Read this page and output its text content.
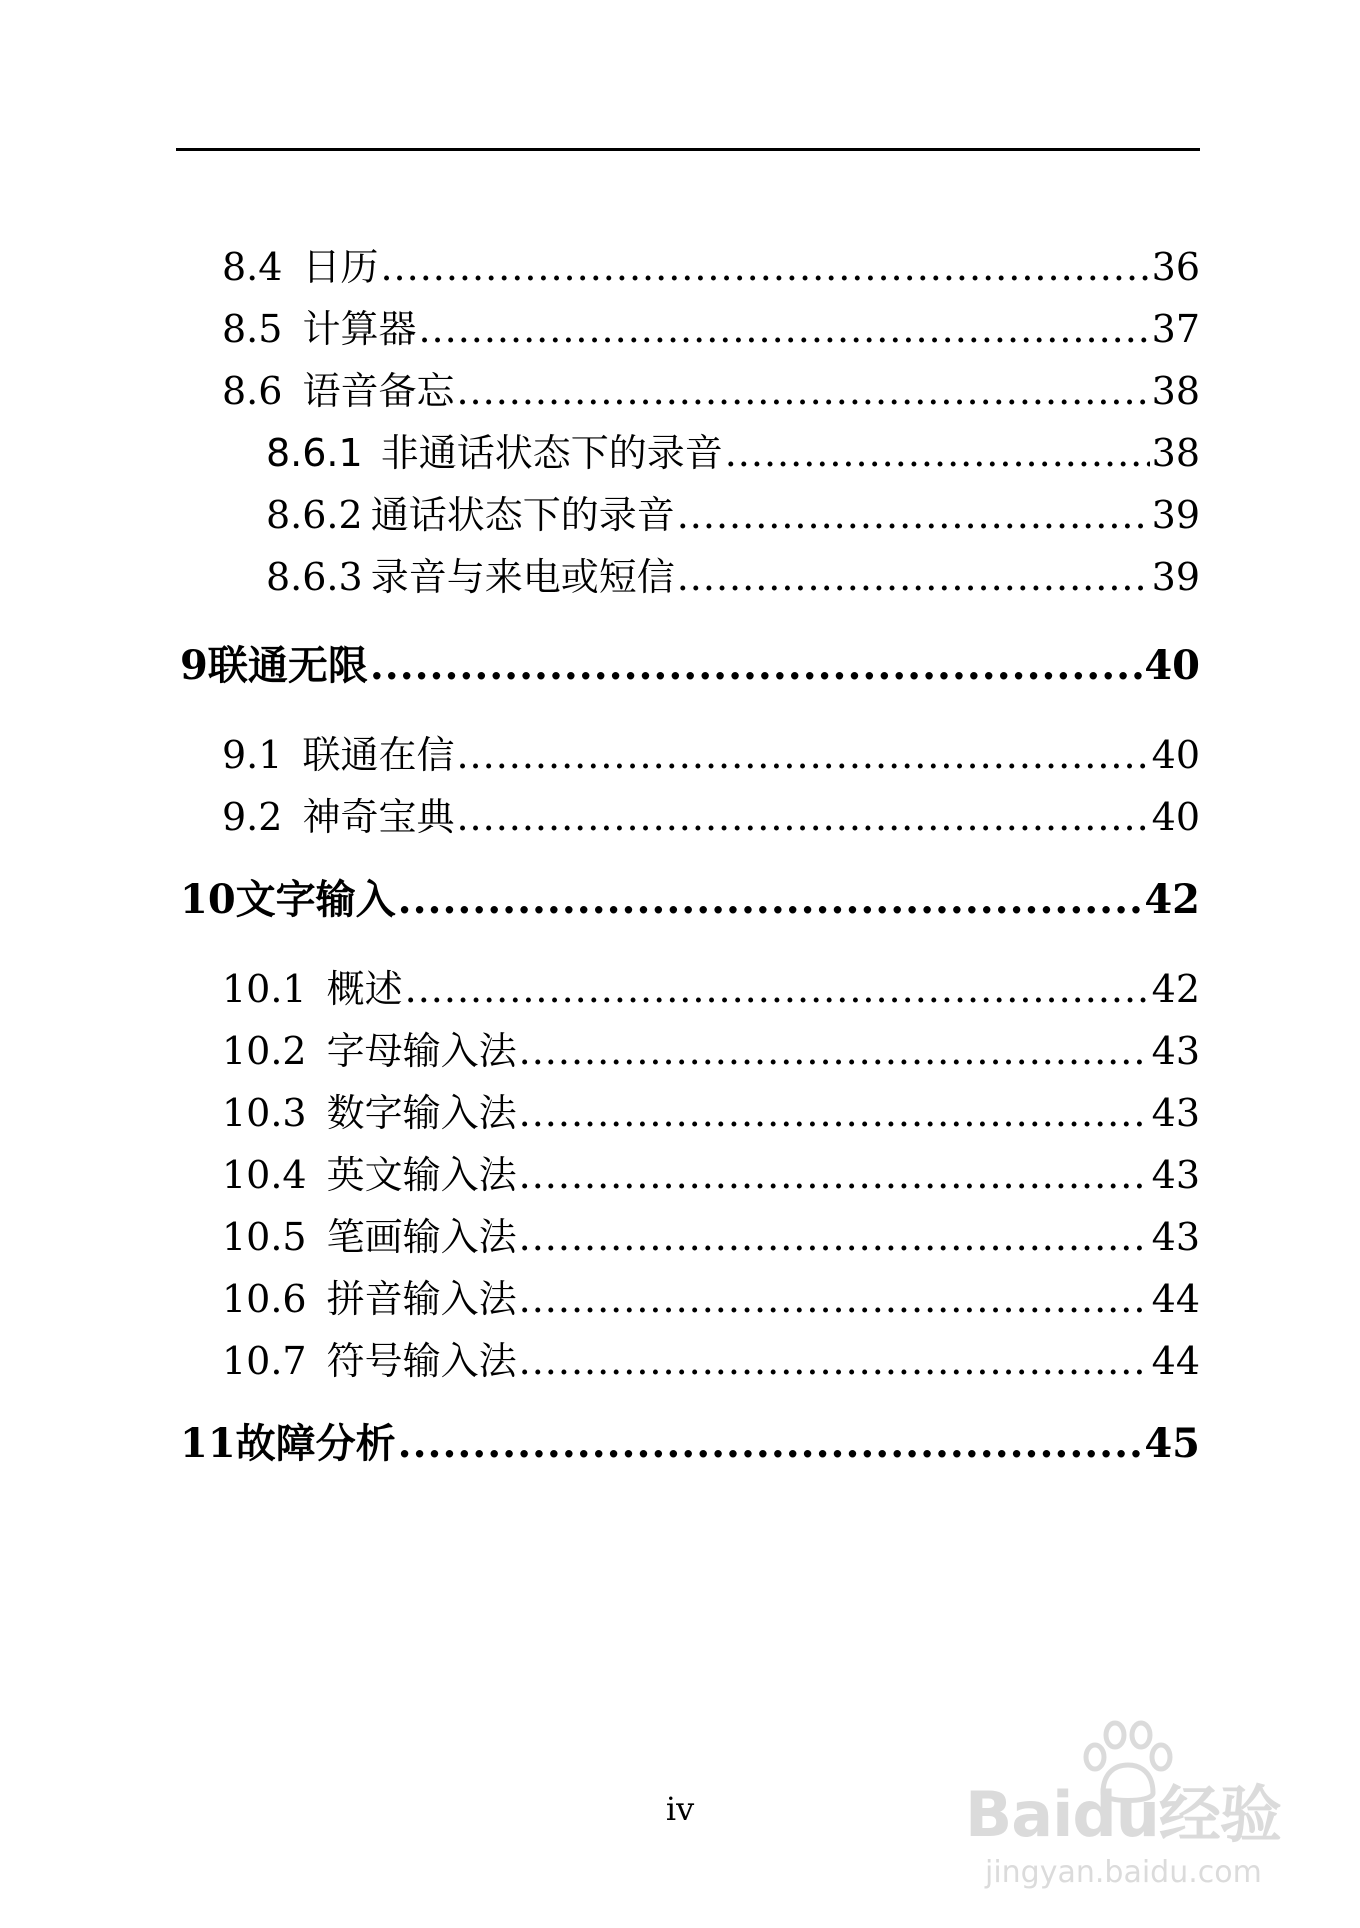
8.4 日历 .....	36
8.5 计算器 .....	37
8.6 语音备忘 .....	38
8.6.1 非通话状态下的录音 .....	38
8.6.2 通话状态下的录音 .....	39
8.6.3 录音与来电或短信 .....	39
9 联通无限 .....	40
9.1 联通在信 .....	40
9.2 神奇宝典 .....	40
10 文字输入 .....	42
10.1 概述 .....	42
10.2 字母输入法 .....	43
10.3 数字输入法 .....	43
10.4 英文输入法 .....	43
10.5 笔画输入法 .....	43
10.6 拼音输入法 .....	44
10.7 符号输入法 .....	44
11 故障分析 .....	45
iv	Baidu经验
jingyan.baidu.com
